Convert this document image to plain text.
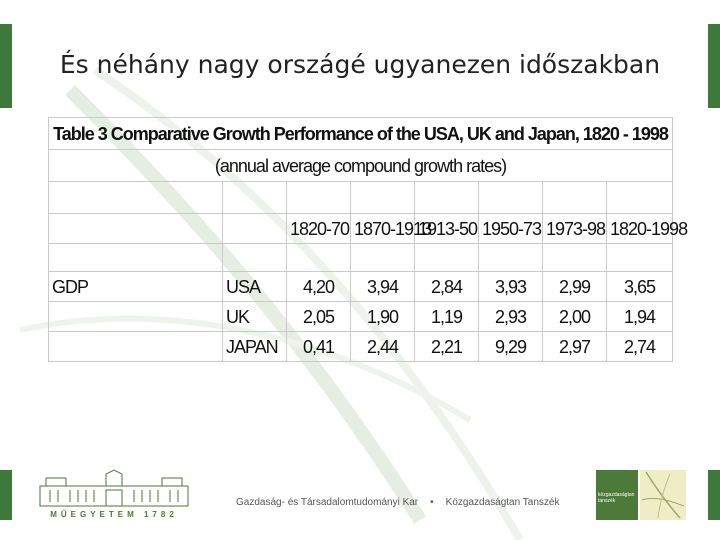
És néhány nagy országé ugyanezen időszakban
Table 3 Comparative Growth Performance of the USA, UK and Japan, 1820 - 1998							
(annual average compound growth rates)							

		1820-70	1870-1913	1913-50	1950-73	1973-98	1820-1998

GDP	USA	4,20	3,94	2,84	3,93	2,99	3,65
	UK	2,05	1,90	1,19	2,93	2,00	1,94
	JAPAN	0,41	2,44	2,21	9,29	2,97	2,74
MŰEGYETEM 1782
Gazdaság- és Társadalomtudományi Kar • Közgazdaságtan Tanszék
közgazdaságtan tanszék
